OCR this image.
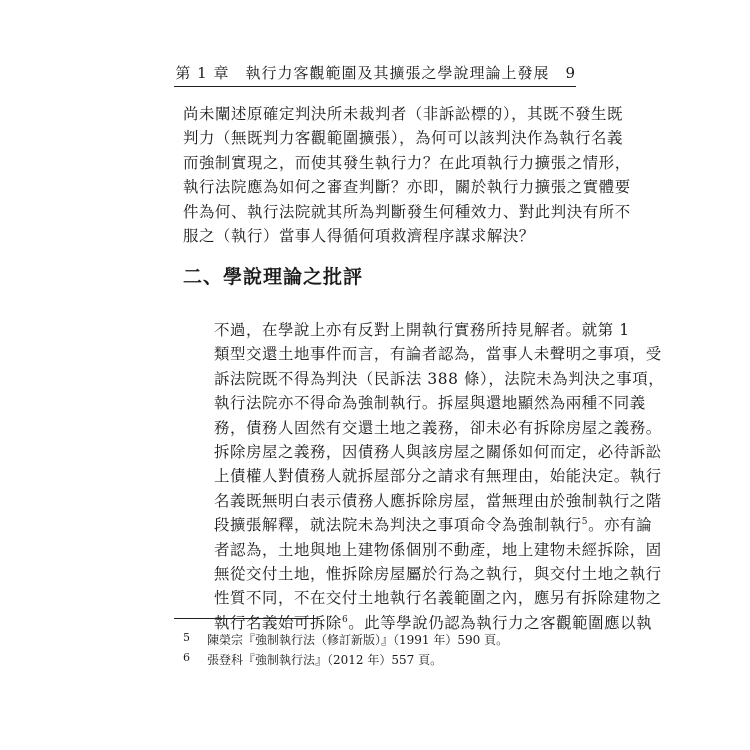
第 1 章　執行力客觀範圍及其擴張之學說理論上發展　9
尚未闡述原確定判決所未裁判者（非訴訟標的），其既不發生既
判力（無既判力客觀範圍擴張），為何可以該判決作為執行名義
而強制實現之，而使其發生執行力？在此項執行力擴張之情形，
執行法院應為如何之審查判斷？亦即，關於執行力擴張之實體要
件為何、執行法院就其所為判斷發生何種效力、對此判決有所不
服之（執行）當事人得循何項救濟程序謀求解決？
二、學說理論之批評
不過，在學說上亦有反對上開執行實務所持見解者。就第 1
類型交還土地事件而言，有論者認為，當事人未聲明之事項，受
訴法院既不得為判決（民訴法 388 條），法院未為判決之事項，
執行法院亦不得命為強制執行。拆屋與還地顯然為兩種不同義
務，債務人固然有交還土地之義務，卻未必有拆除房屋之義務。
拆除房屋之義務，因債務人與該房屋之關係如何而定，必待訴訟
上債權人對債務人就拆屋部分之請求有無理由，始能決定。執行
名義既無明白表示債務人應拆除房屋，當無理由於強制執行之階
段擴張解釋，就法院未為判決之事項命令為強制執行$^5$。亦有論
者認為，土地與地上建物係個別不動產，地上建物未經拆除，固
無從交付土地，惟拆除房屋屬於行為之執行，與交付土地之執行
性質不同，不在交付土地執行名義範圍之內，應另有拆除建物之
執行名義始可拆除$^6$。此等學說仍認為執行力之客觀範圍應以執
5 陳榮宗『強制執行法（修訂新版）』（1991 年）590 頁。
6 張登科『強制執行法』（2012 年）557 頁。
